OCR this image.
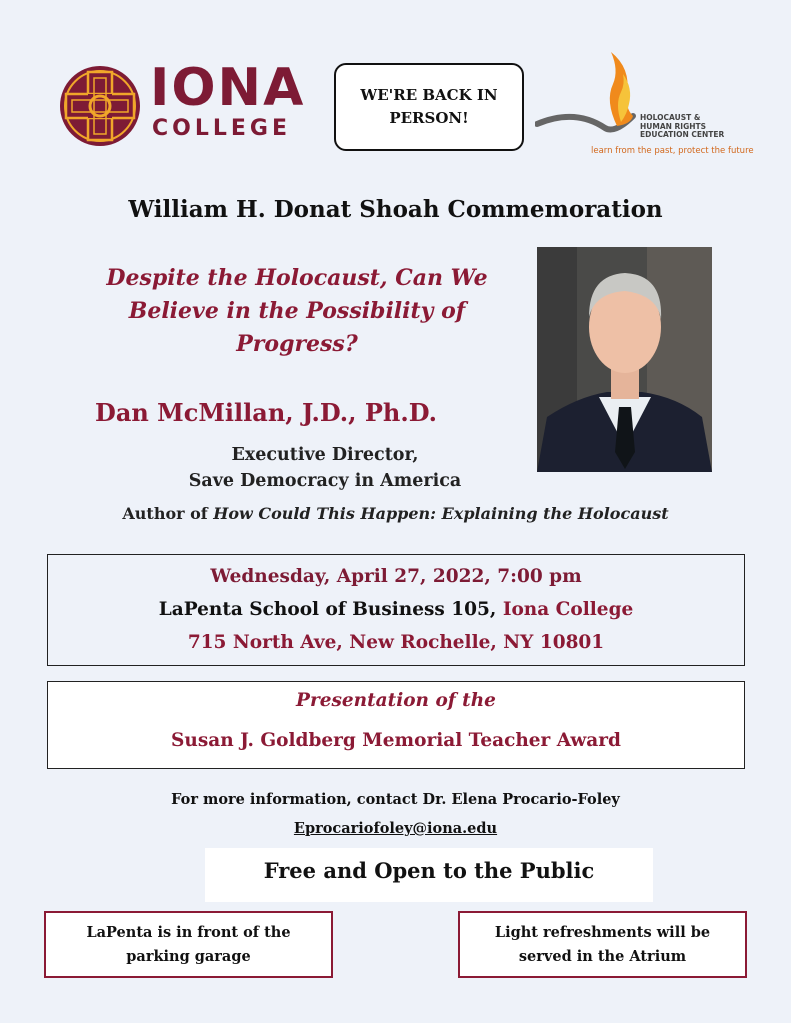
IONA
COLLEGE
WE'RE BACK IN PERSON!	HOLOCAUST & HUMAN RIGHTS EDUCATION CENTER
learn from the past, protect the future
William H. Donat Shoah Commemoration
Despite the Holocaust, Can We Believe in the Possibility of Progress?
Dan McMillan, J.D., Ph.D.
Executive Director,
Save Democracy in America
Author of How Could This Happen: Explaining the Holocaust
Wednesday, April 27, 2022, 7:00 pm
LaPenta School of Business 105, Iona College
715 North Ave, New Rochelle, NY 10801
Presentation of the
Susan J. Goldberg Memorial Teacher Award
For more information, contact Dr. Elena Procario-Foley
Eprocariofoley@iona.edu
Free and Open to the Public
LaPenta is in front of the parking garage
Light refreshments will be served in the Atrium
